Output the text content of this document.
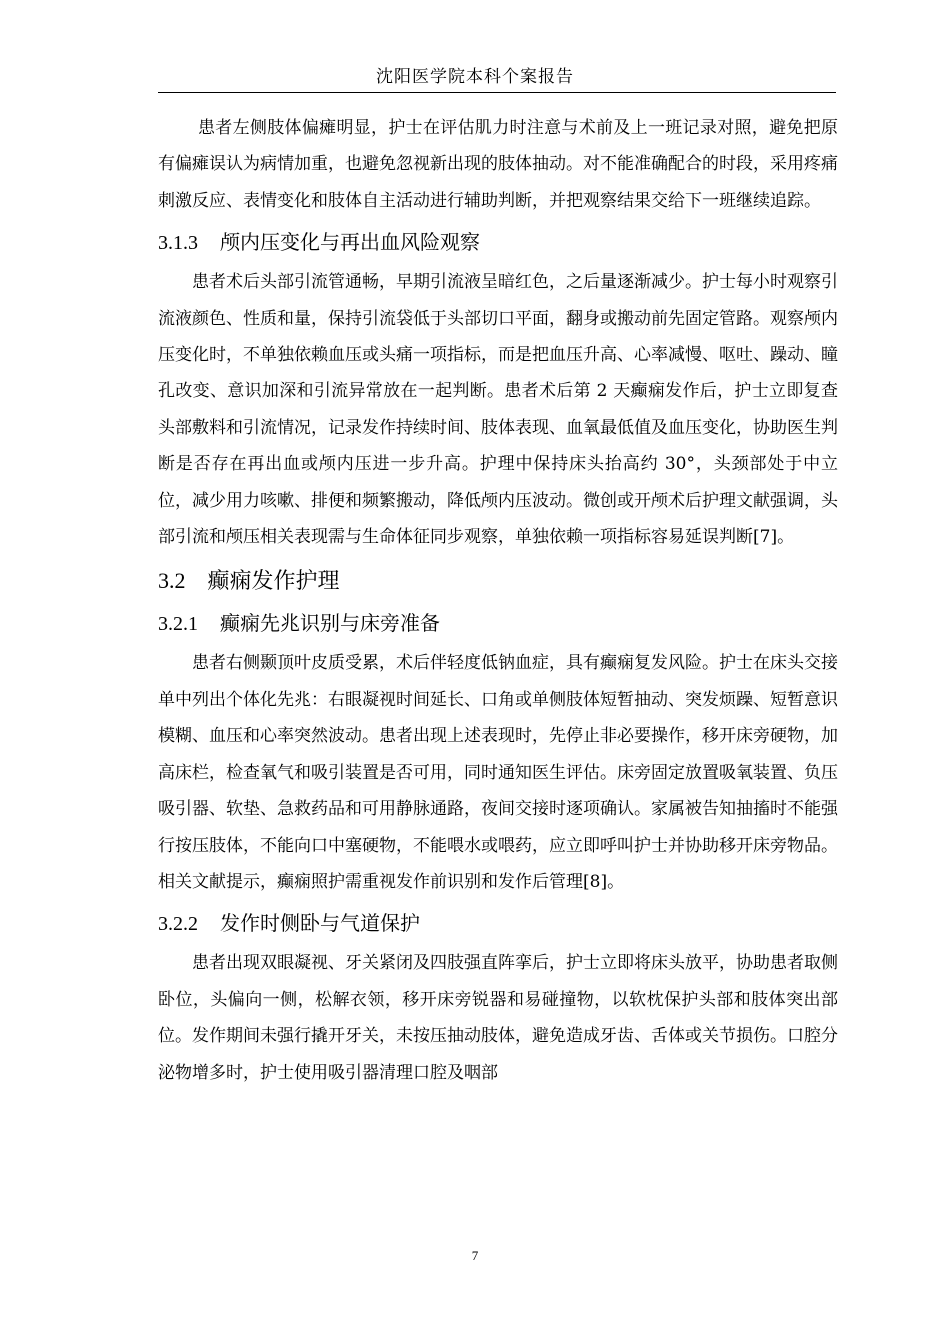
沈阳医学院本科个案报告

患者左侧肢体偏瘫明显，护士在评估肌力时注意与术前及上一班记录对照，避免把原有偏瘫误认为病情加重，也避免忽视新出现的肢体抽动。对不能准确配合的时段，采用疼痛刺激反应、表情变化和肢体自主活动进行辅助判断，并把观察结果交给下一班继续追踪。

3.1.3 颅内压变化与再出血风险观察

患者术后头部引流管通畅，早期引流液呈暗红色，之后量逐渐减少。护士每小时观察引流液颜色、性质和量，保持引流袋低于头部切口平面，翻身或搬动前先固定管路。观察颅内压变化时，不单独依赖血压或头痛一项指标，而是把血压升高、心率减慢、呕吐、躁动、瞳孔改变、意识加深和引流异常放在一起判断。患者术后第 2 天癫痫发作后，护士立即复查头部敷料和引流情况，记录发作持续时间、肢体表现、血氧最低值及血压变化，协助医生判断是否存在再出血或颅内压进一步升高。护理中保持床头抬高约 30°，头颈部处于中立位，减少用力咳嗽、排便和频繁搬动，降低颅内压波动。微创或开颅术后护理文献强调，头部引流和颅压相关表现需与生命体征同步观察，单独依赖一项指标容易延误判断[7]。

3.2 癫痫发作护理
3.2.1 癫痫先兆识别与床旁准备

患者右侧颞顶叶皮质受累，术后伴轻度低钠血症，具有癫痫复发风险。护士在床头交接单中列出个体化先兆：右眼凝视时间延长、口角或单侧肢体短暂抽动、突发烦躁、短暂意识模糊、血压和心率突然波动。患者出现上述表现时，先停止非必要操作，移开床旁硬物，加高床栏，检查氧气和吸引装置是否可用，同时通知医生评估。床旁固定放置吸氧装置、负压吸引器、软垫、急救药品和可用静脉通路，夜间交接时逐项确认。家属被告知抽搐时不能强行按压肢体，不能向口中塞硬物，不能喂水或喂药，应立即呼叫护士并协助移开床旁物品。相关文献提示，癫痫照护需重视发作前识别和发作后管理[8]。

3.2.2 发作时侧卧与气道保护

患者出现双眼凝视、牙关紧闭及四肢强直阵挛后，护士立即将床头放平，协助患者取侧卧位，头偏向一侧，松解衣领，移开床旁锐器和易碰撞物，以软枕保护头部和肢体突出部位。发作期间未强行撬开牙关，未按压抽动肢体，避免造成牙齿、舌体或关节损伤。口腔分泌物增多时，护士使用吸引器清理口腔及咽部

7
